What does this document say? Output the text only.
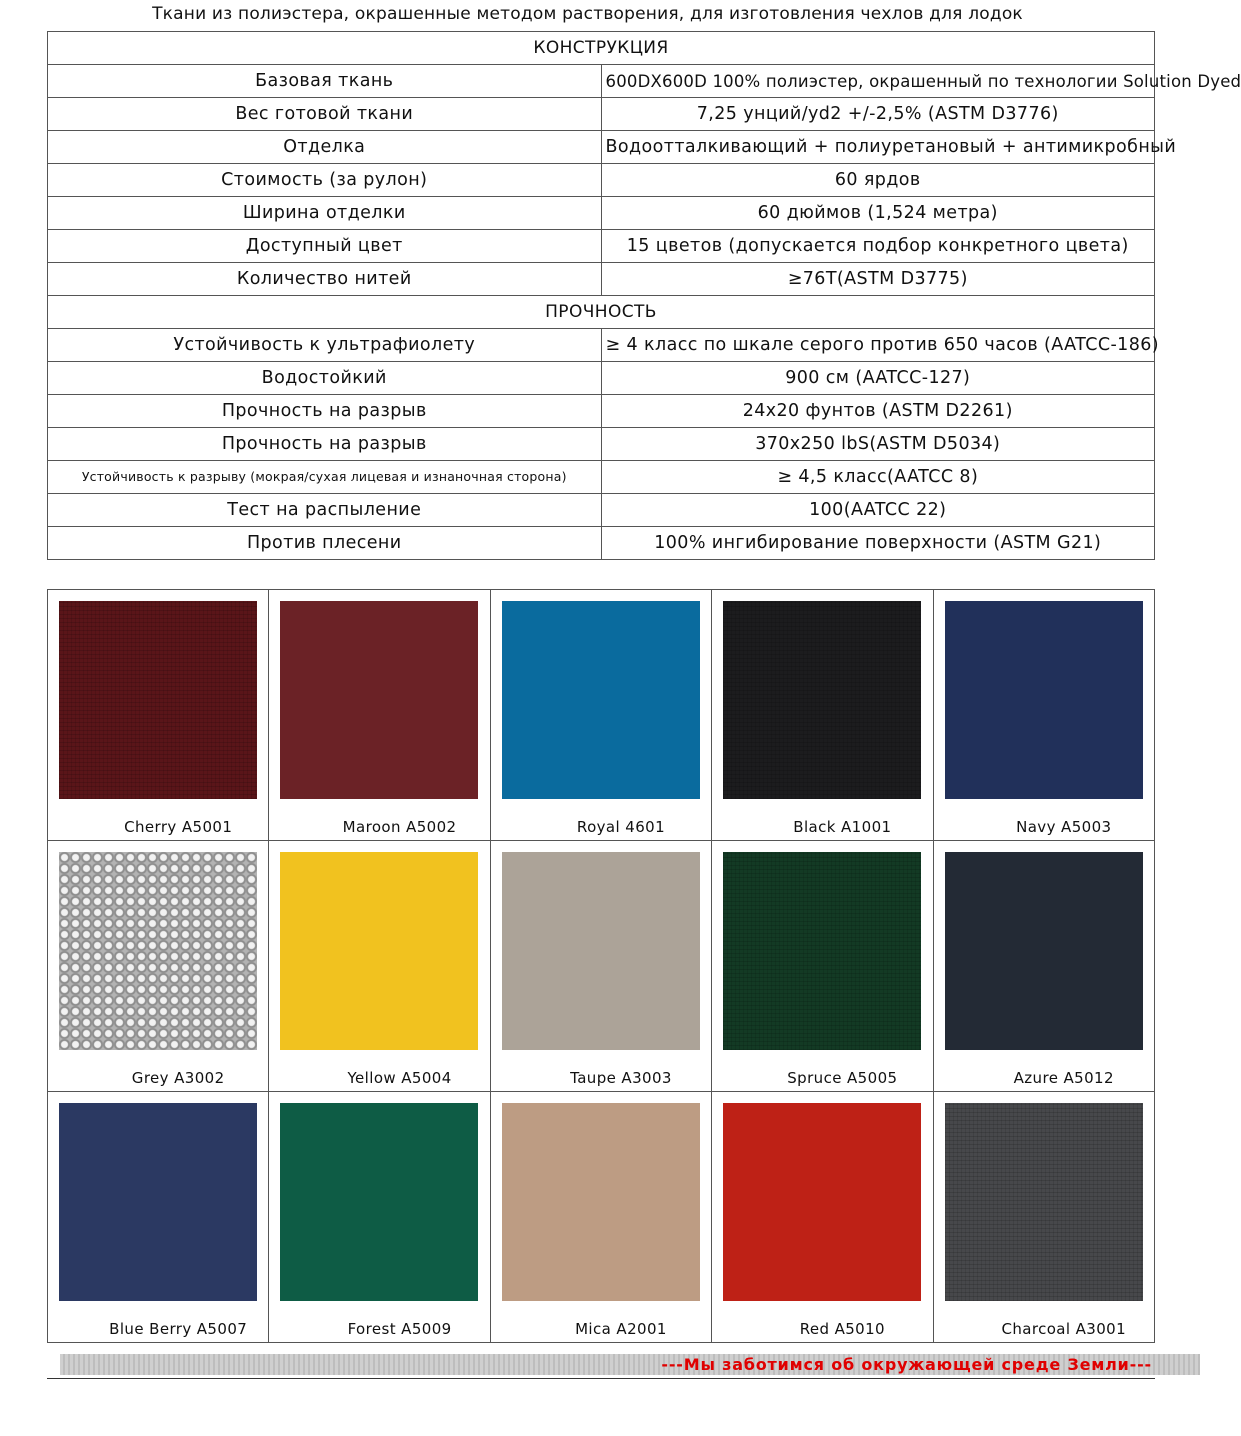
Ткани из полиэстера, окрашенные методом растворения, для изготовления чехлов для лодок
КОНСТРУКЦИЯ	
Базовая ткань	600DX600D 100% полиэстер, окрашенный по технологии Solution Dyed
Вес готовой ткани	7,25 унций/yd2 +/-2,5% (ASTM D3776)
Отделка	Водоотталкивающий + полиуретановый + антимикробный
Стоимость (за рулон)	60 ярдов
Ширина отделки	60 дюймов (1,524 метра)
Доступный цвет	15 цветов (допускается подбор конкретного цвета)
Количество нитей	≥76T(ASTM D3775)
ПРОЧНОСТЬ	
Устойчивость к ультрафиолету	≥ 4 класс по шкале серого против 650 часов (AATCC-186)
Водостойкий	900 см (AATCC-127)
Прочность на разрыв	24x20 фунтов (ASTM D2261)
Прочность на разрыв	370x250 lbS(ASTM D5034)
Устойчивость к разрыву (мокрая/сухая лицевая и изнаночная сторона)	≥ 4,5 класс(AATCC 8)
Тест на распыление	100(AATCC 22)
Против плесени	100% ингибирование поверхности (ASTM G21)
Cherry A5001	Maroon A5002	Royal 4601	Black A1001	Navy A5003

Grey A3002	Yellow A5004	Taupe A3003	Spruce A5005	Azure A5012

Blue Berry A5007	Forest A5009	Mica A2001	Red A5010	Charcoal A3001
---Мы заботимся об окружающей среде Земли---
